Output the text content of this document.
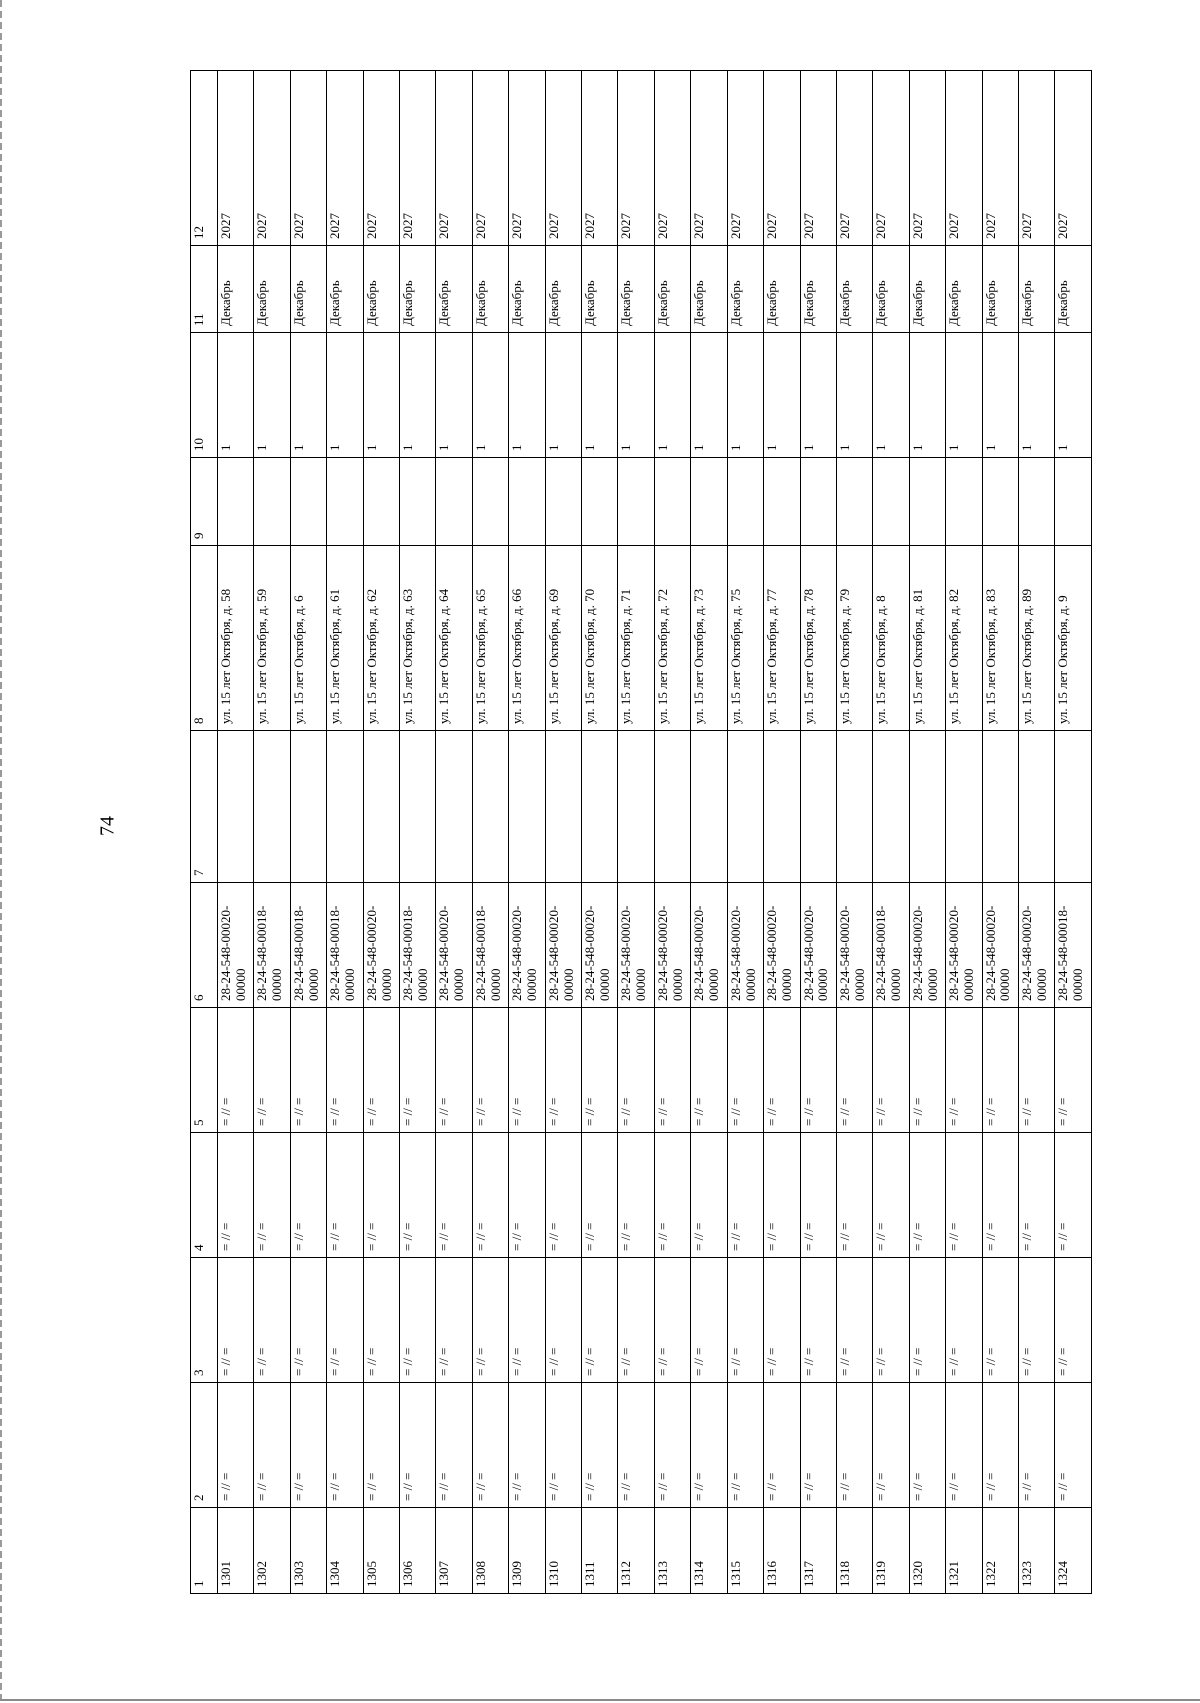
74
1	2	3	4	5	6	7	8	9	10	11	12
1301	= // =	= // =	= // =	= // =	28-24-548-00020-00000		ул. 15 лет Октября, д. 58		1	Декабрь	2027
1302	= // =	= // =	= // =	= // =	28-24-548-00018-00000		ул. 15 лет Октября, д. 59		1	Декабрь	2027
1303	= // =	= // =	= // =	= // =	28-24-548-00018-00000		ул. 15 лет Октября, д. 6		1	Декабрь	2027
1304	= // =	= // =	= // =	= // =	28-24-548-00018-00000		ул. 15 лет Октября, д. 61		1	Декабрь	2027
1305	= // =	= // =	= // =	= // =	28-24-548-00020-00000		ул. 15 лет Октября, д. 62		1	Декабрь	2027
1306	= // =	= // =	= // =	= // =	28-24-548-00018-00000		ул. 15 лет Октября, д. 63		1	Декабрь	2027
1307	= // =	= // =	= // =	= // =	28-24-548-00020-00000		ул. 15 лет Октября, д. 64		1	Декабрь	2027
1308	= // =	= // =	= // =	= // =	28-24-548-00018-00000		ул. 15 лет Октября, д. 65		1	Декабрь	2027
1309	= // =	= // =	= // =	= // =	28-24-548-00020-00000		ул. 15 лет Октября, д. 66		1	Декабрь	2027
1310	= // =	= // =	= // =	= // =	28-24-548-00020-00000		ул. 15 лет Октября, д. 69		1	Декабрь	2027
1311	= // =	= // =	= // =	= // =	28-24-548-00020-00000		ул. 15 лет Октября, д. 70		1	Декабрь	2027
1312	= // =	= // =	= // =	= // =	28-24-548-00020-00000		ул. 15 лет Октября, д. 71		1	Декабрь	2027
1313	= // =	= // =	= // =	= // =	28-24-548-00020-00000		ул. 15 лет Октября, д. 72		1	Декабрь	2027
1314	= // =	= // =	= // =	= // =	28-24-548-00020-00000		ул. 15 лет Октября, д. 73		1	Декабрь	2027
1315	= // =	= // =	= // =	= // =	28-24-548-00020-00000		ул. 15 лет Октября, д. 75		1	Декабрь	2027
1316	= // =	= // =	= // =	= // =	28-24-548-00020-00000		ул. 15 лет Октября, д. 77		1	Декабрь	2027
1317	= // =	= // =	= // =	= // =	28-24-548-00020-00000		ул. 15 лет Октября, д. 78		1	Декабрь	2027
1318	= // =	= // =	= // =	= // =	28-24-548-00020-00000		ул. 15 лет Октября, д. 79		1	Декабрь	2027
1319	= // =	= // =	= // =	= // =	28-24-548-00018-00000		ул. 15 лет Октября, д. 8		1	Декабрь	2027
1320	= // =	= // =	= // =	= // =	28-24-548-00020-00000		ул. 15 лет Октября, д. 81		1	Декабрь	2027
1321	= // =	= // =	= // =	= // =	28-24-548-00020-00000		ул. 15 лет Октября, д. 82		1	Декабрь	2027
1322	= // =	= // =	= // =	= // =	28-24-548-00020-00000		ул. 15 лет Октября, д. 83		1	Декабрь	2027
1323	= // =	= // =	= // =	= // =	28-24-548-00020-00000		ул. 15 лет Октября, д. 89		1	Декабрь	2027
1324	= // =	= // =	= // =	= // =	28-24-548-00018-00000		ул. 15 лет Октября, д. 9		1	Декабрь	2027
